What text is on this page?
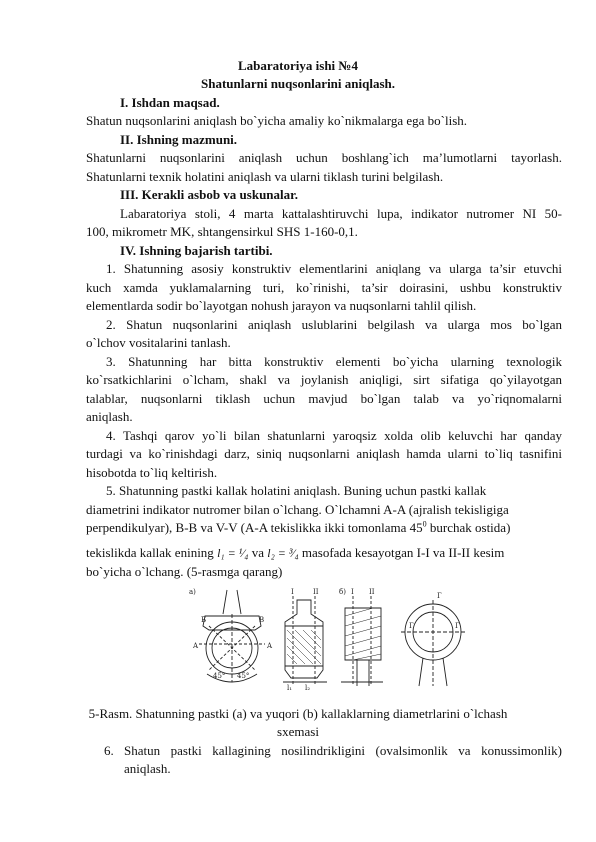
Labaratoriya ishi №4
Shatunlarni nuqsonlarini aniqlash.
I. Ishdan maqsad.
Shatun nuqsonlarini aniqlash bo`yicha amaliy ko`nikmalarga ega bo`lish.
II. Ishning mazmuni.
Shatunlarni nuqsonlarini aniqlash uchun boshlang`ich ma’lumotlarni tayorlash.
Shatunlarni texnik holatini aniqlash va ularni tiklash turini belgilash.
III. Kerakli asbob va uskunalar.
Labaratoriya stoli, 4 marta kattalashtiruvchi lupa, indikator nutromer NI 50-
100, mikrometr MK, shtangensirkul SHS 1-160-0,1.
IV. Ishning bajarish tartibi.
1. Shatunning asosiy konstruktiv elementlarini aniqlang va ularga ta’sir etuvchi
kuch xamda yuklamalarning turi, ko`rinishi, ta’sir doirasini, ushbu konstruktiv
elementlarda sodir bo`layotgan nohush jarayon va nuqsonlarni tahlil qilish.
2. Shatun nuqsonlarini aniqlash uslublarini belgilash va ularga mos bo`lgan
o`lchov vositalarini tanlash.
3. Shatunning har bitta konstruktiv elementi bo`yicha ularning texnologik
ko`rsatkichlarini o`lcham, shakl va joylanish aniqligi, sirt sifatiga qo`yilayotgan
talablar, nuqsonlarni tiklash uchun mavjud bo`lgan talab va yo`riqnomalarni
aniqlash.
4. Tashqi qarov yo`li bilan shatunlarni yaroqsiz xolda olib keluvchi har qanday
turdagi va ko`rinishdagi darz, siniq nuqsonlarni aniqlash hamda ularni to`liq tasnifini
hisobotda to`liq keltirish.
5. Shatunning pastki kallak holatini aniqlash. Buning uchun pastki kallak
diametrini indikator nutromer bilan o`lchang. O`lchamni A-A (ajralish tekisligiga
perpendikulyar), B-B va V-V (A-A tekislikka ikki tomonlama $45^0$ burchak ostida)
tekislikda kallak enining l₁ = ¹⁄₄ va l₂ = ³⁄₄ masofada kesayotgan I-I va II-II kesim
bo`yicha o`lchang. (5-rasmga qarang)
a)
A	A
Б	В
45° 45°
I	II
l₁ l₂
б) I II
Г	Г
Г
5-Rasm. Shatunning pastki (a) va yuqori (b) kallaklarning diametrlarini o`lchash
sxemasi
6. Shatun pastki kallagining nosilindrikligini (ovalsimonlik va konussimonlik)
aniqlash.
